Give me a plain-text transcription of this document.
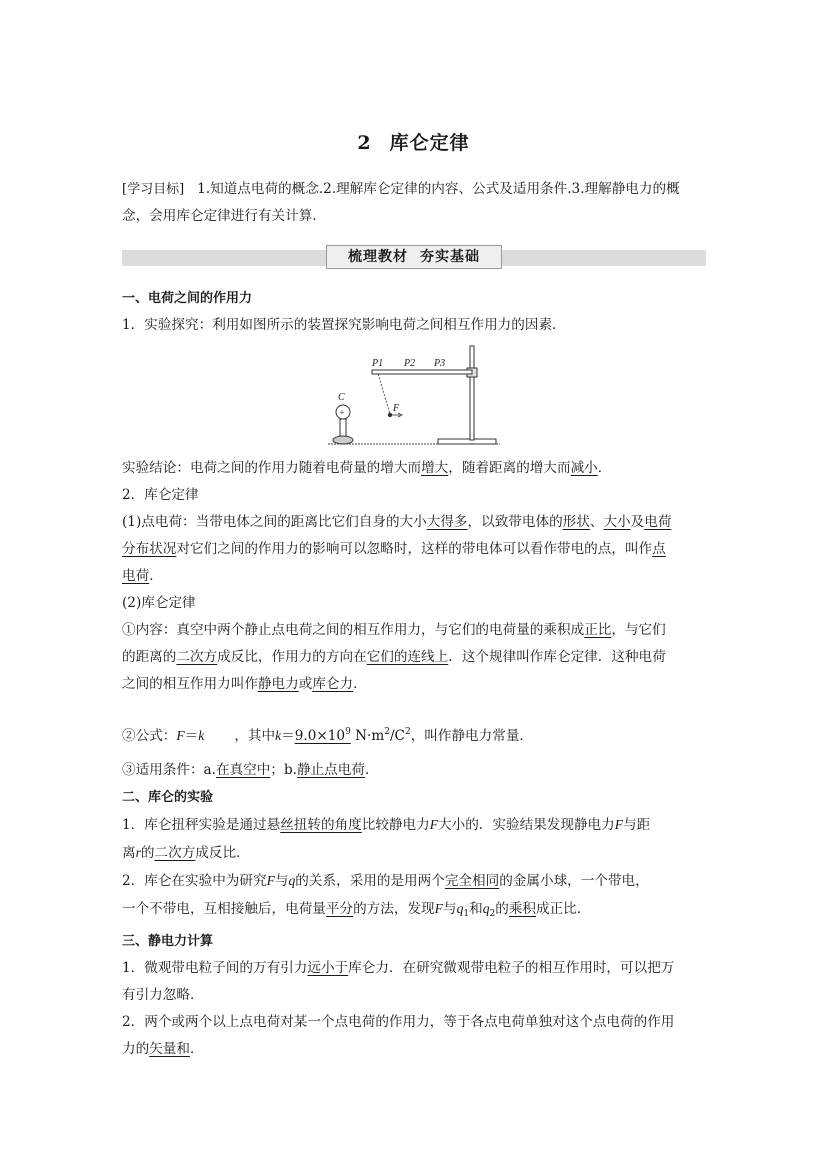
2 库仑定律
[学习目标] 1.知道点电荷的概念.2.理解库仑定律的内容、公式及适用条件.3.理解静电力的概
念，会用库仑定律进行有关计算.
梳理教材 夯实基础
一、电荷之间的作用力
1．实验探究：利用如图所示的装置探究影响电荷之间相互作用力的因素．
F
P1 P2 P3
+
C
实验结论：电荷之间的作用力随着电荷量的增大而增大，随着距离的增大而减小．
2．库仑定律
(1)点电荷：当带电体之间的距离比它们自身的大小大得多，以致带电体的形状、大小及电荷
分布状况对它们之间的作用力的影响可以忽略时，这样的带电体可以看作带电的点，叫作点
电荷．
(2)库仑定律
①内容：真空中两个静止点电荷之间的相互作用力，与它们的电荷量的乘积成正比，与它们
的距离的二次方成反比，作用力的方向在它们的连线上．这个规律叫作库仑定律．这种电荷
之间的相互作用力叫作静电力或库仑力．
②公式：F＝k ，其中$k=9.0\times 10^9$ $N\cdot m^2/C^2$，叫作静电力常量．
③适用条件：a.在真空中；b.静止点电荷．
二、库仑的实验
1．库仑扭秤实验是通过悬丝扭转的角度比较静电力F大小的．实验结果发现静电力F与距
离r的二次方成反比．
2．库仑在实验中为研究F与q的关系，采用的是用两个完全相同的金属小球，一个带电，
一个不带电，互相接触后，电荷量平分的方法，发现F与$q_1$和$q_2$的乘积成正比．
三、静电力计算
1．微观带电粒子间的万有引力远小于库仑力．在研究微观带电粒子的相互作用时，可以把万
有引力忽略．
2．两个或两个以上点电荷对某一个点电荷的作用力，等于各点电荷单独对这个点电荷的作用
力的矢量和．
